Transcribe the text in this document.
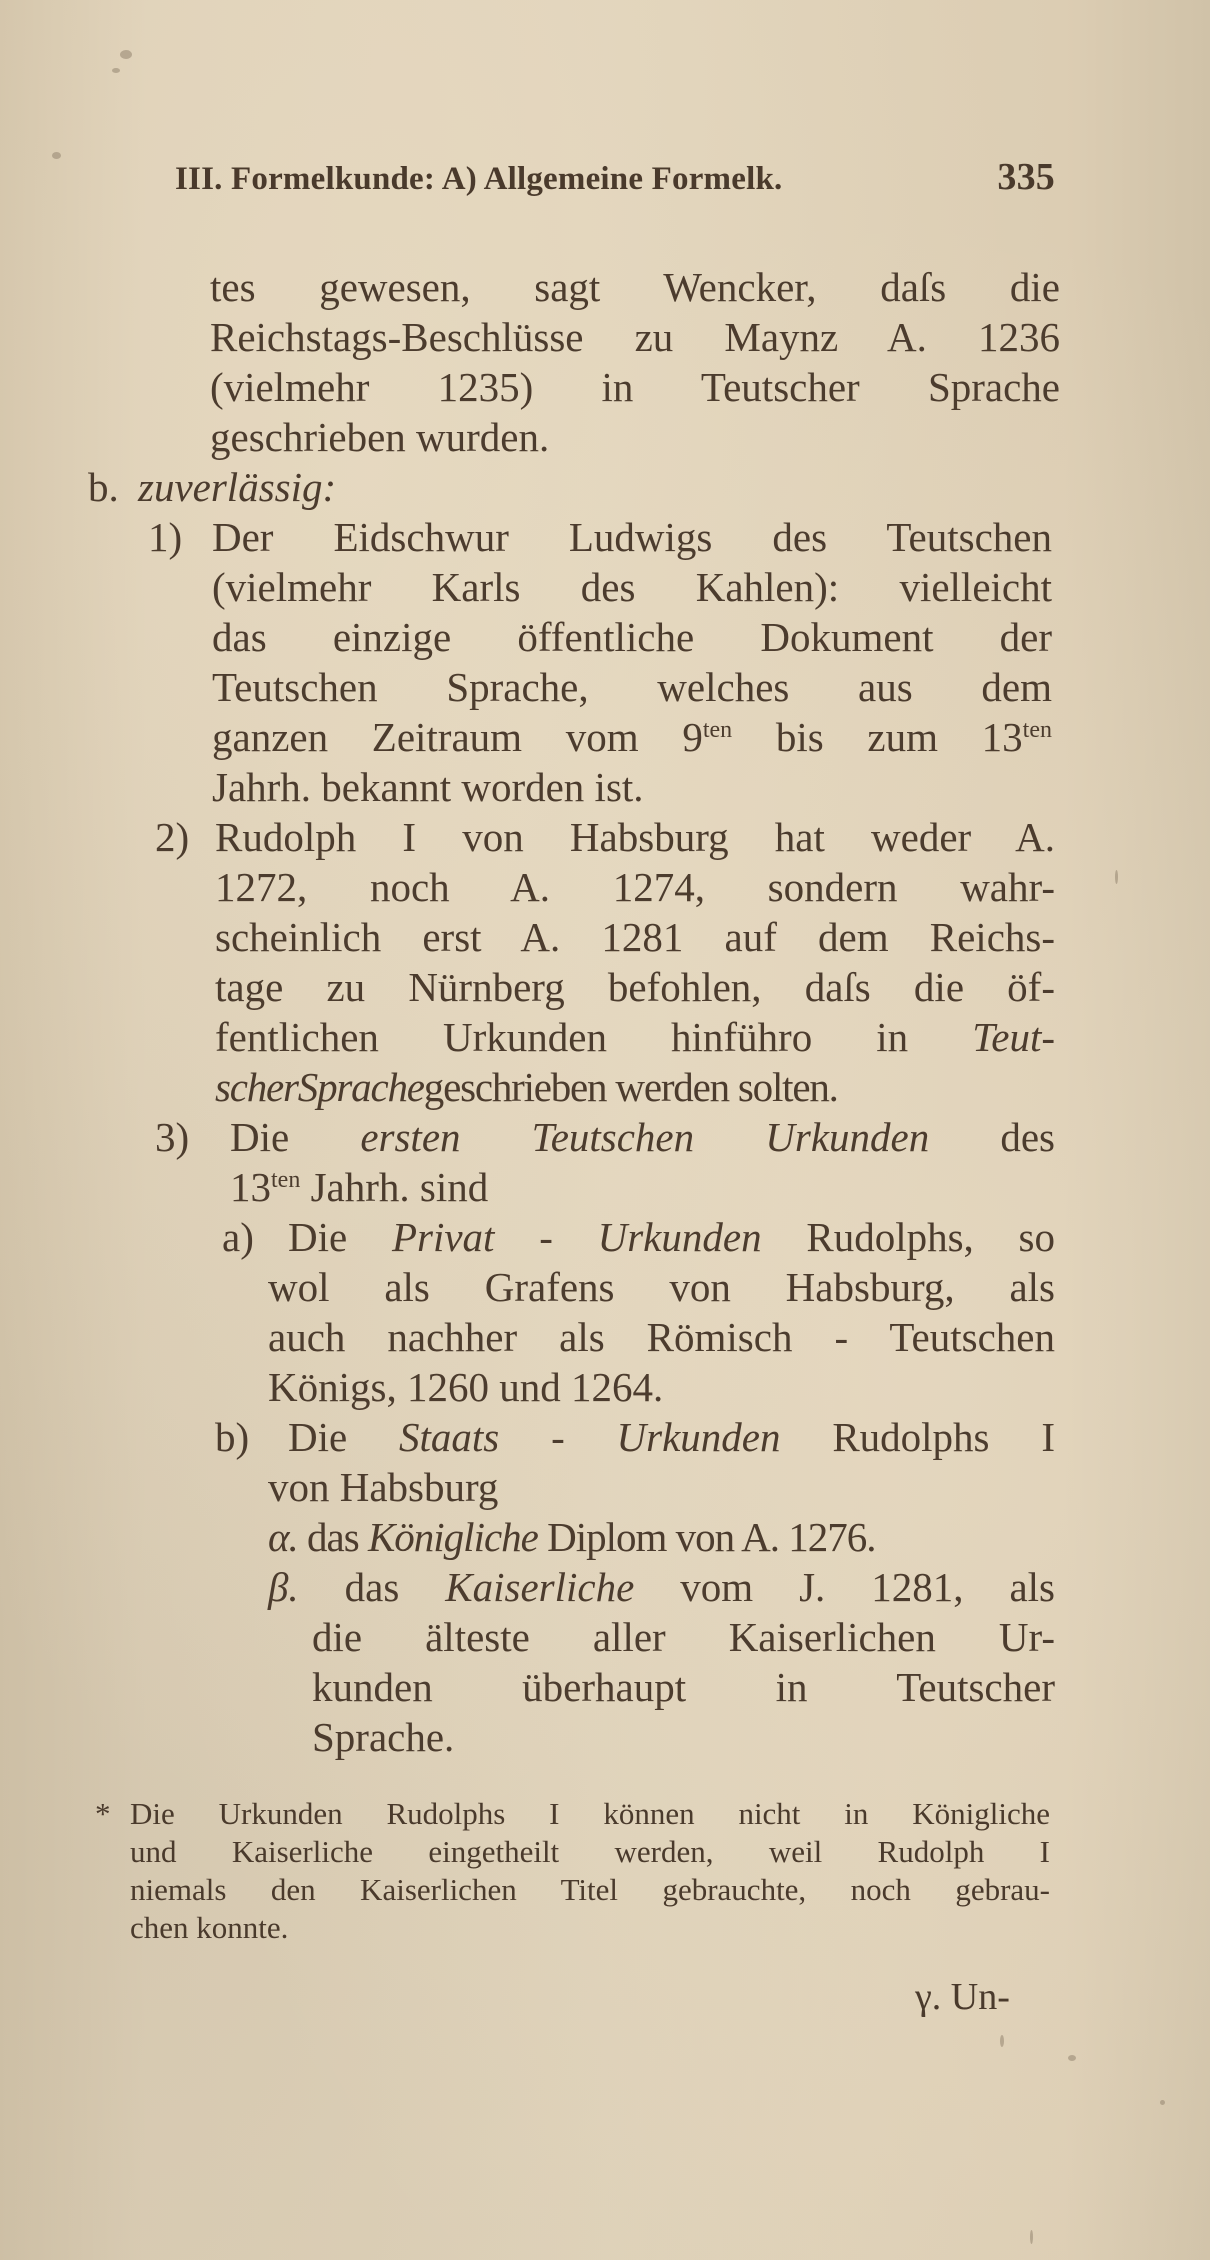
III. Formelkunde: A) Allgemeine Formelk.	335
tes gewesen, sagt Wencker, daſs die
Reichstags-Beschlüsse zu Maynz A. 1236
(vielmehr 1235) in Teutscher Sprache
geschrieben wurden.
b. zuverlässig:
1) Der Eidschwur Ludwigs des Teutschen
(vielmehr Karls des Kahlen): vielleicht
das einzige öffentliche Dokument der
Teutschen Sprache, welches aus dem
ganzen Zeitraum vom $9^{ten}$ bis zum $13^{ten}$
Jahrh. bekannt worden ist.
2) Rudolph I von Habsburg hat weder A.
1272, noch A. 1274, sondern wahr-
scheinlich erst A. 1281 auf dem Reichs-
tage zu Nürnberg befohlen, daſs die öf-
fentlichen Urkunden hinführo in Teut-
scherSprachegeschrieben werden solten.
3) Die ersten Teutschen Urkunden des
$13^{ten}$ Jahrh. sind
a) Die Privat - Urkunden Rudolphs, so
wol als Grafens von Habsburg, als
auch nachher als Römisch - Teutschen
Königs, 1260 und 1264.
b) Die Staats - Urkunden Rudolphs I
von Habsburg
α. das Königliche Diplom von A. 1276.
β. das Kaiserliche vom J. 1281, als
die älteste aller Kaiserlichen Ur-
kunden überhaupt in Teutscher
Sprache.
* Die Urkunden Rudolphs I können nicht in Königliche
und Kaiserliche eingetheilt werden, weil Rudolph I
niemals den Kaiserlichen Titel gebrauchte, noch gebrau-
chen konnte.
γ. Un-
